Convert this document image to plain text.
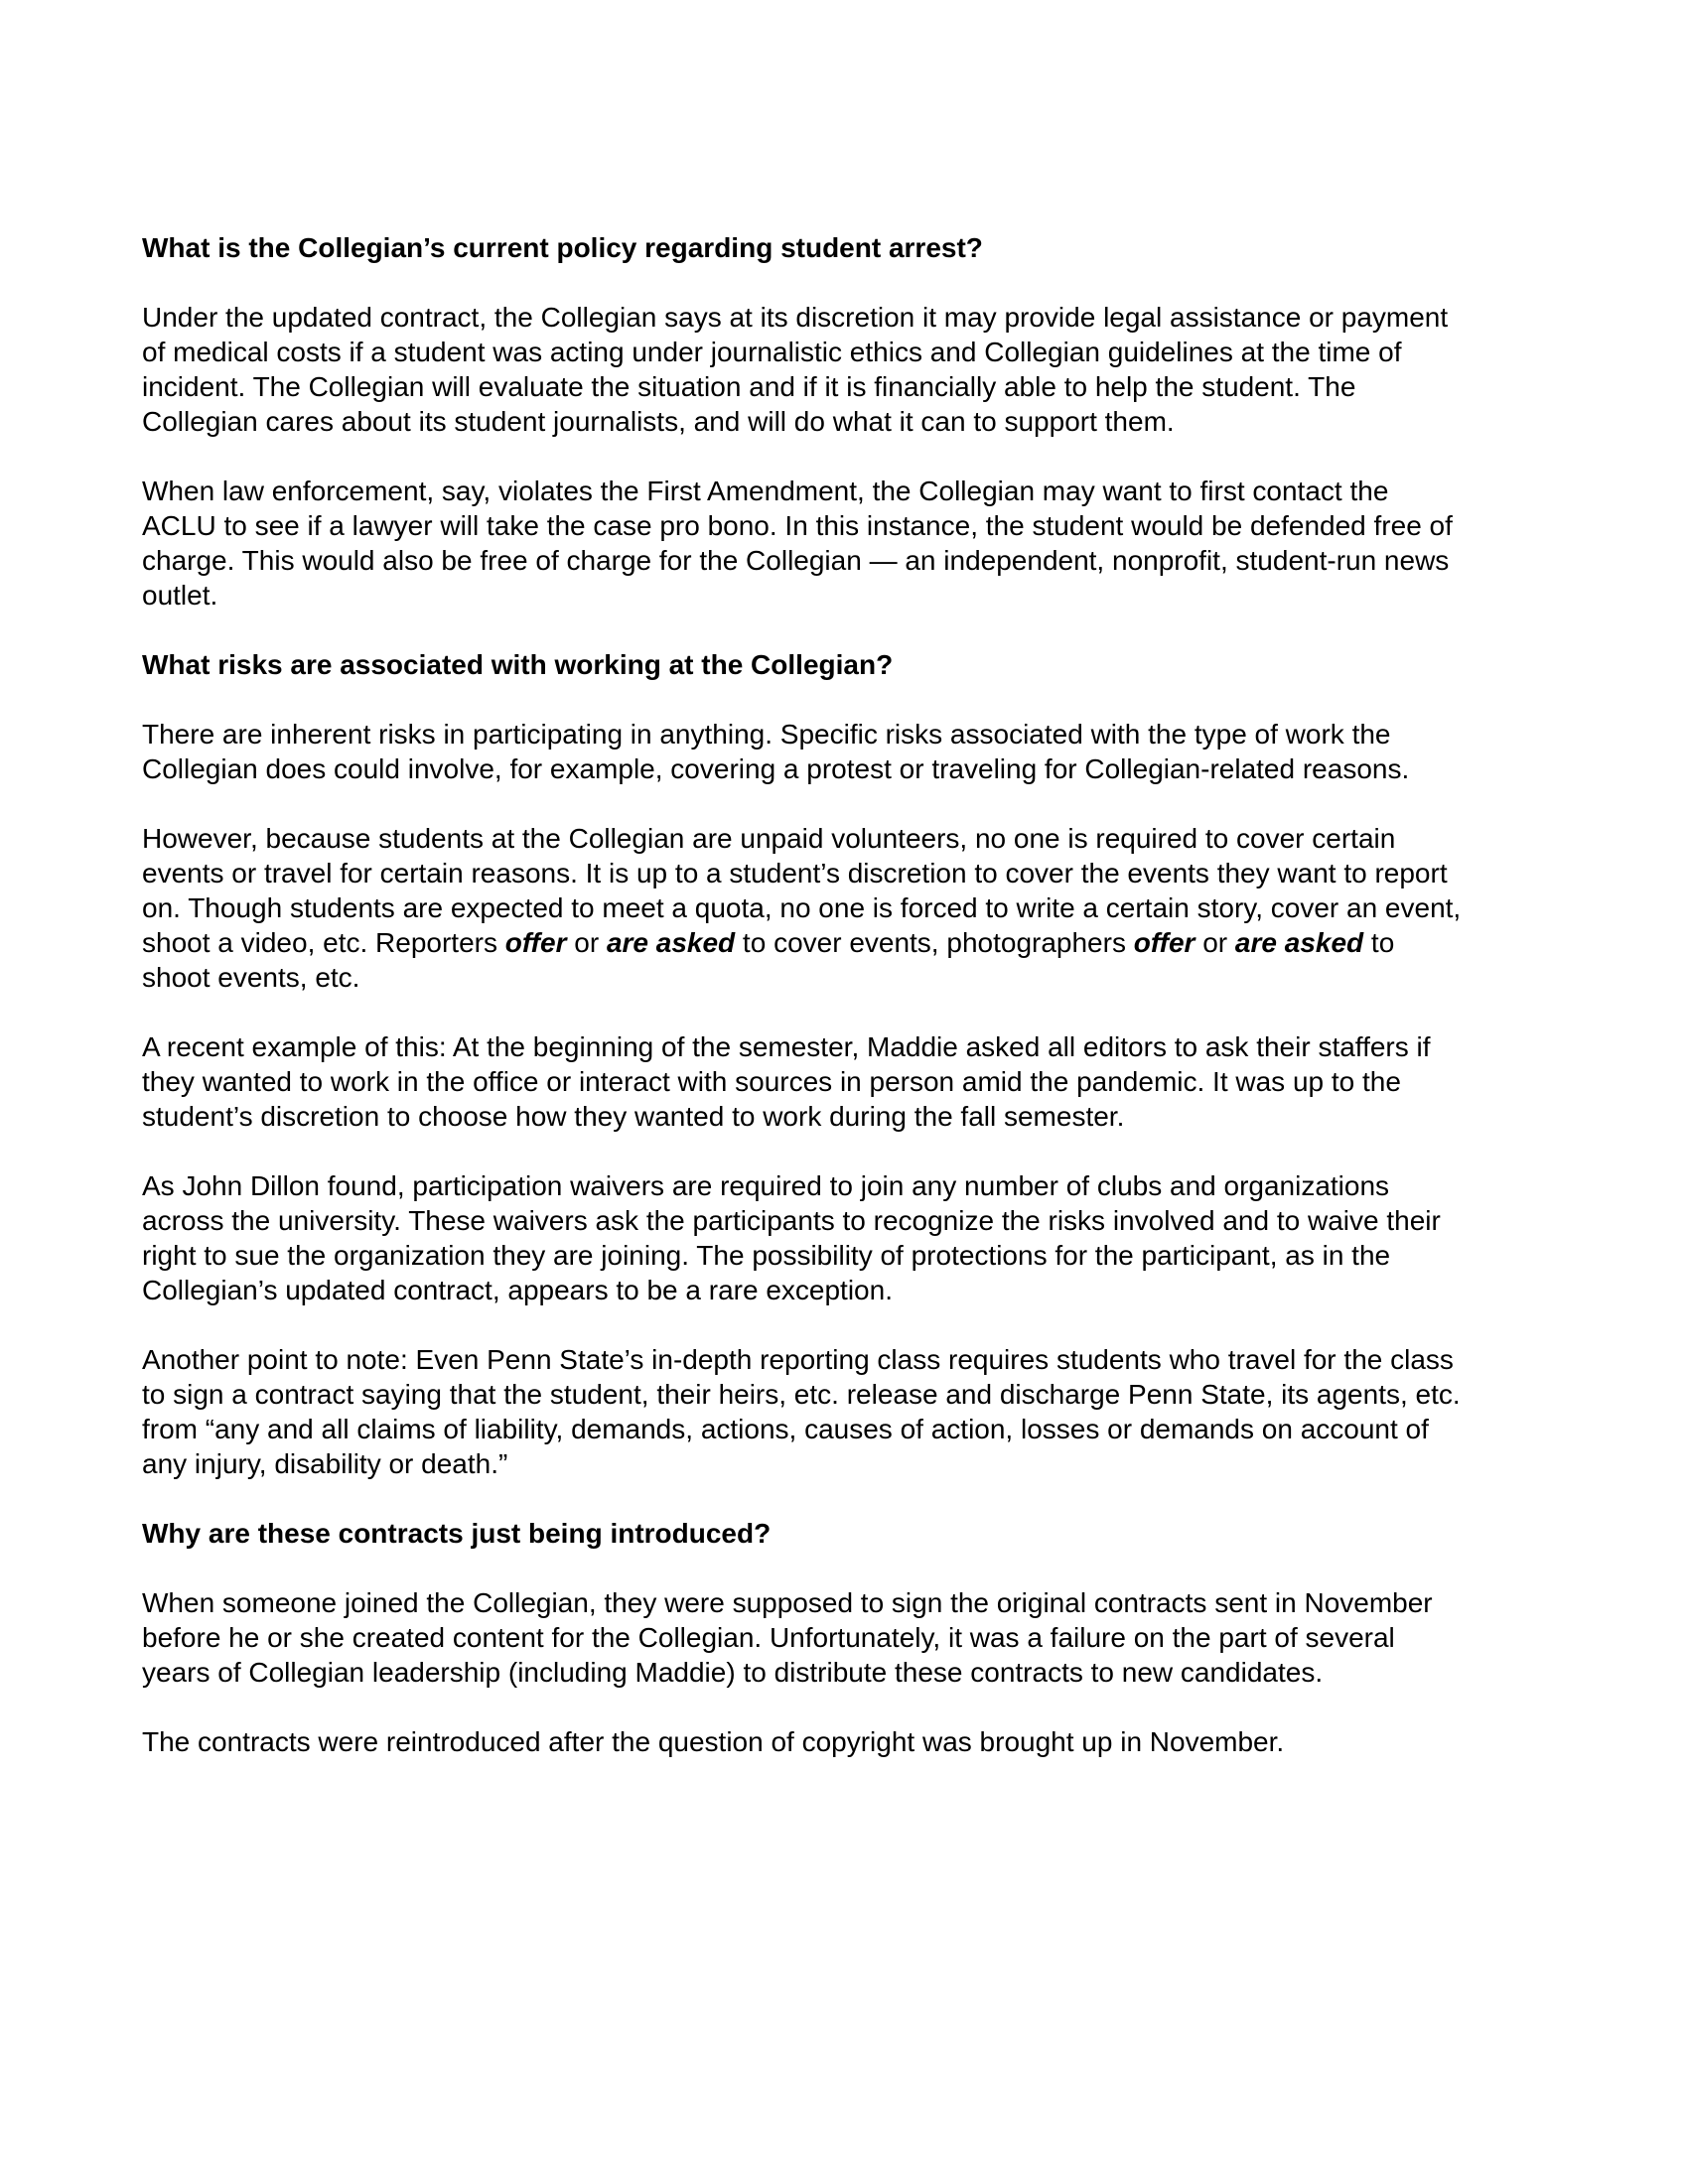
What is the Collegian’s current policy regarding student arrest?
Under the updated contract, the Collegian says at its discretion it may provide legal assistance or payment of medical costs if a student was acting under journalistic ethics and Collegian guidelines at the time of incident. The Collegian will evaluate the situation and if it is financially able to help the student. The Collegian cares about its student journalists, and will do what it can to support them.
When law enforcement, say, violates the First Amendment, the Collegian may want to first contact the ACLU to see if a lawyer will take the case pro bono. In this instance, the student would be defended free of charge. This would also be free of charge for the Collegian — an independent, nonprofit, student-run news outlet.
What risks are associated with working at the Collegian?
There are inherent risks in participating in anything. Specific risks associated with the type of work the Collegian does could involve, for example, covering a protest or traveling for Collegian-related reasons.
However, because students at the Collegian are unpaid volunteers, no one is required to cover certain events or travel for certain reasons. It is up to a student’s discretion to cover the events they want to report on. Though students are expected to meet a quota, no one is forced to write a certain story, cover an event, shoot a video, etc. Reporters offer or are asked to cover events, photographers offer or are asked to shoot events, etc.
A recent example of this: At the beginning of the semester, Maddie asked all editors to ask their staffers if they wanted to work in the office or interact with sources in person amid the pandemic. It was up to the student’s discretion to choose how they wanted to work during the fall semester.
As John Dillon found, participation waivers are required to join any number of clubs and organizations across the university. These waivers ask the participants to recognize the risks involved and to waive their right to sue the organization they are joining. The possibility of protections for the participant, as in the Collegian’s updated contract, appears to be a rare exception.
Another point to note: Even Penn State’s in-depth reporting class requires students who travel for the class to sign a contract saying that the student, their heirs, etc. release and discharge Penn State, its agents, etc. from “any and all claims of liability, demands, actions, causes of action, losses or demands on account of any injury, disability or death.”
Why are these contracts just being introduced?
When someone joined the Collegian, they were supposed to sign the original contracts sent in November before he or she created content for the Collegian. Unfortunately, it was a failure on the part of several years of Collegian leadership (including Maddie) to distribute these contracts to new candidates.
The contracts were reintroduced after the question of copyright was brought up in November.
